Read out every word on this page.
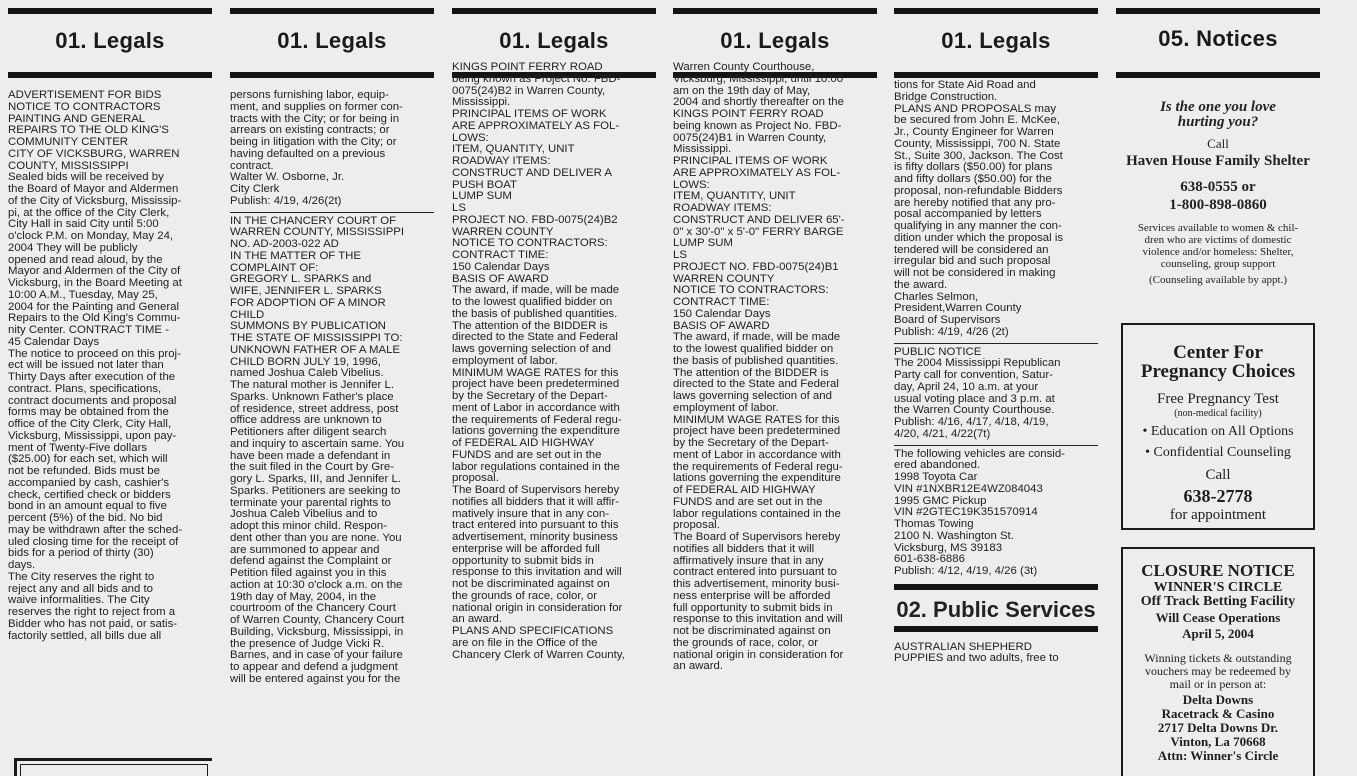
01. Legals
ADVERTISEMENT FOR BIDS
NOTICE TO CONTRACTORS
PAINTING AND GENERAL
REPAIRS TO THE OLD KING'S
COMMUNITY CENTER
CITY OF VICKSBURG, WARREN
COUNTY, MISSISSIPPI
Sealed bids will be received by
the Board of Mayor and Aldermen
of the City of Vicksburg, Mississip-
pi, at the office of the City Clerk,
City Hall in said City until 5:00
o'clock P.M. on Monday, May 24,
2004 They will be publicly
opened and read aloud, by the
Mayor and Aldermen of the City of
Vicksburg, in the Board Meeting at
10:00 A.M., Tuesday, May 25,
2004 for the Painting and General
Repairs to the Old King's Commu-
nity Center. CONTRACT TIME -
45 Calendar Days
The notice to proceed on this proj-
ect will be issued not later than
Thirty Days after execution of the
contract. Plans, specifications,
contract documents and proposal
forms may be obtained from the
office of the City Clerk, City Hall,
Vicksburg, Mississippi, upon pay-
ment of Twenty-Five dollars
($25.00) for each set, which will
not be refunded. Bids must be
accompanied by cash, cashier's
check, certified check or bidders
bond in an amount equal to five
percent (5%) of the bid. No bid
may be withdrawn after the sched-
uled closing time for the receipt of
bids for a period of thirty (30)
days.
The City reserves the right to
reject any and all bids and to
waive informalities. The City
reserves the right to reject from a
Bidder who has not paid, or satis-
factorily settled, all bills due all
01. Legals
persons furnishing labor, equip-
ment, and supplies on former con-
tracts with the City; or for being in
arrears on existing contracts; or
being in litigation with the City; or
having defaulted on a previous
contract.
Walter W. Osborne, Jr.
City Clerk
Publish: 4/19, 4/26(2t)
IN THE CHANCERY COURT OF
WARREN COUNTY, MISSISSIPPI
NO. AD-2003-022 AD
IN THE MATTER OF THE
COMPLAINT OF:
GREGORY L. SPARKS and
WIFE, JENNIFER L. SPARKS
FOR ADOPTION OF A MINOR
CHILD
SUMMONS BY PUBLICATION
THE STATE OF MISSISSIPPI TO:
UNKNOWN FATHER OF A MALE
CHILD BORN JULY 19, 1996,
named Joshua Caleb Vibelius.
The natural mother is Jennifer L.
Sparks. Unknown Father's place
of residence, street address, post
office address are unknown to
Petitioners after diligent search
and inquiry to ascertain same. You
have been made a defendant in
the suit filed in the Court by Gre-
gory L. Sparks, III, and Jennifer L.
Sparks. Petitioners are seeking to
terminate your parental rights to
Joshua Caleb Vibelius and to
adopt this minor child. Respon-
dent other than you are none. You
are summoned to appear and
defend against the Complaint or
Petition filed against you in this
action at 10:30 o'clock a.m. on the
19th day of May, 2004, in the
courtroom of the Chancery Court
of Warren County, Chancery Court
Building, Vicksburg, Mississippi, in
the presence of Judge Vicki R.
Barnes, and in case of your failure
to appear and defend a judgment
will be entered against you for the
01. Legals
KINGS POINT FERRY ROAD
being known as Project No. FBD-
0075(24)B2 in Warren County,
Mississippi.
PRINCIPAL ITEMS OF WORK
ARE APPROXIMATELY AS FOL-
LOWS:
ITEM, QUANTITY, UNIT
ROADWAY ITEMS:
CONSTRUCT AND DELIVER A
PUSH BOAT
LUMP SUM
LS
PROJECT NO. FBD-0075(24)B2
WARREN COUNTY
NOTICE TO CONTRACTORS:
CONTRACT TIME:
150 Calendar Days
BASIS OF AWARD
The award, if made, will be made
to the lowest qualified bidder on
the basis of published quantities.
The attention of the BIDDER is
directed to the State and Federal
laws governing selection of and
employment of labor.
MINIMUM WAGE RATES for this
project have been predetermined
by the Secretary of the Depart-
ment of Labor in accordance with
the requirements of Federal regu-
lations governing the expenditure
of FEDERAL AID HIGHWAY
FUNDS and are set out in the
labor regulations contained in the
proposal.
The Board of Supervisors hereby
notifies all bidders that it will affir-
matively insure that in any con-
tract entered into pursuant to this
advertisement, minority business
enterprise will be afforded full
opportunity to submit bids in
response to this invitation and will
not be discriminated against on
the grounds of race, color, or
national origin in consideration for
an award.
PLANS AND SPECIFICATIONS
are on file in the Office of the
Chancery Clerk of Warren County,
01. Legals
Warren County Courthouse,
Vicksburg, Mississippi, until 10:00
am on the 19th day of May,
2004 and shortly thereafter on the
KINGS POINT FERRY ROAD
being known as Project No. FBD-
0075(24)B1 in Warren County,
Mississippi.
PRINCIPAL ITEMS OF WORK
ARE APPROXIMATELY AS FOL-
LOWS:
ITEM, QUANTITY, UNIT
ROADWAY ITEMS:
CONSTRUCT AND DELIVER 65'-
0" x 30'-0" x 5'-0" FERRY BARGE
LUMP SUM
LS
PROJECT NO. FBD-0075(24)B1
WARREN COUNTY
NOTICE TO CONTRACTORS:
CONTRACT TIME:
150 Calendar Days
BASIS OF AWARD
The award, if made, will be made
to the lowest qualified bidder on
the basis of published quantities.
The attention of the BIDDER is
directed to the State and Federal
laws governing selection of and
employment of labor.
MINIMUM WAGE RATES for this
project have been predetermined
by the Secretary of the Depart-
ment of Labor in accordance with
the requirements of Federal regu-
lations governing the expenditure
of FEDERAL AID HIGHWAY
FUNDS and are set out in the
labor regulations contained in the
proposal.
The Board of Supervisors hereby
notifies all bidders that it will
affirmatively insure that in any
contract entered into pursuant to
this advertisement, minority busi-
ness enterprise will be afforded
full opportunity to submit bids in
response to this invitation and will
not be discriminated against on
the grounds of race, color, or
national origin in consideration for
an award.
01. Legals
tions for State Aid Road and
Bridge Construction.
PLANS AND PROPOSALS may
be secured from John E. McKee,
Jr., County Engineer for Warren
County, Mississippi, 700 N. State
St., Suite 300, Jackson. The Cost
is fifty dollars ($50.00) for plans
and fifty dollars ($50.00) for the
proposal, non-refundable Bidders
are hereby notified that any pro-
posal accompanied by letters
qualifying in any manner the con-
dition under which the proposal is
tendered will be considered an
irregular bid and such proposal
will not be considered in making
the award.
Charles Selmon,
President,Warren County
Board of Supervisors
Publish: 4/19, 4/26 (2t)
PUBLIC NOTICE
The 2004 Mississippi Republican
Party call for convention, Satur-
day, April 24, 10 a.m. at your
usual voting place and 3 p.m. at
the Warren County Courthouse.
Publish: 4/16, 4/17, 4/18, 4/19,
4/20, 4/21, 4/22(7t)
The following vehicles are consid-
ered abandoned.
1998 Toyota Car
VIN #1NXBR12E4WZ084043
1995 GMC Pickup
VIN #2GTEC19K351570914
Thomas Towing
2100 N. Washington St.
Vicksburg, MS 39183
601-638-6886
Publish: 4/12, 4/19, 4/26 (3t)
02. Public Services
AUSTRALIAN SHEPHERD
PUPPIES and two adults, free to
05. Notices
Is the one you love
hurting you?
Call
Haven House Family Shelter
638-0555 or
1-800-898-0860
Services available to women & chil-
dren who are victims of domestic
violence and/or homeless: Shelter,
counseling, group support
(Counseling available by appt.)
Center For
Pregnancy Choices
Free Pregnancy Test
(non-medical facility)
• Education on All Options
• Confidential Counseling
Call
638-2778
for appointment
CLOSURE NOTICE
WINNER'S CIRCLE
Off Track Betting Facility
Will Cease Operations
April 5, 2004
Winning tickets & outstanding
vouchers may be redeemed by
mail or in person at:
Delta Downs
Racetrack & Casino
2717 Delta Downs Dr.
Vinton, La 70668
Attn: Winner's Circle
